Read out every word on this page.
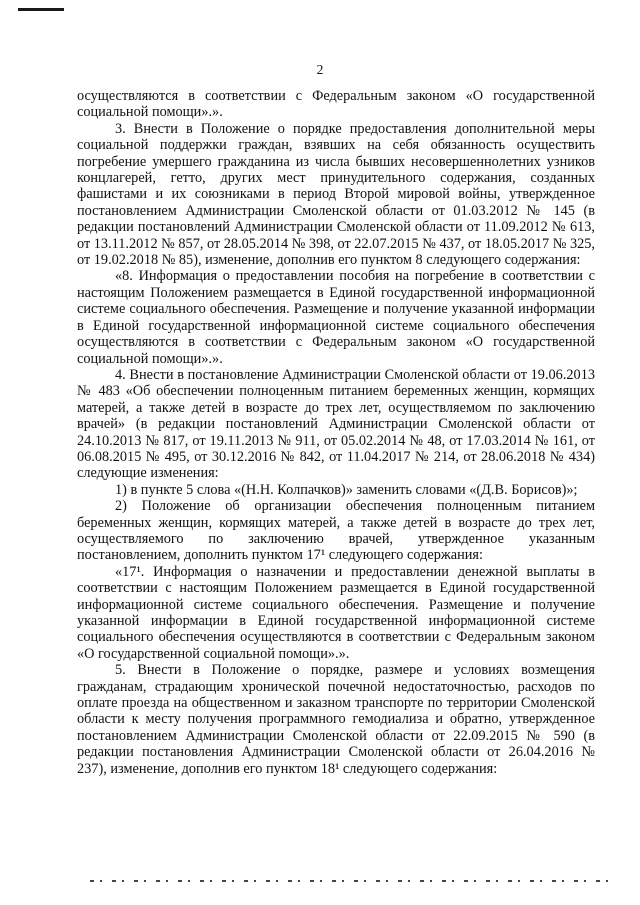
2

осуществляются в соответствии с Федеральным законом «О государственной социальной помощи».».

3. Внести в Положение о порядке предоставления дополнительной меры социальной поддержки граждан, взявших на себя обязанность осуществить погребение умершего гражданина из числа бывших несовершеннолетних узников концлагерей, гетто, других мест принудительного содержания, созданных фашистами и их союзниками в период Второй мировой войны, утвержденное постановлением Администрации Смоленской области от 01.03.2012 № 145 (в редакции постановлений Администрации Смоленской области от 11.09.2012 № 613, от 13.11.2012 № 857, от 28.05.2014 № 398, от 22.07.2015 № 437, от 18.05.2017 № 325, от 19.02.2018 № 85), изменение, дополнив его пунктом 8 следующего содержания:

«8. Информация о предоставлении пособия на погребение в соответствии с настоящим Положением размещается в Единой государственной информационной системе социального обеспечения. Размещение и получение указанной информации в Единой государственной информационной системе социального обеспечения осуществляются в соответствии с Федеральным законом «О государственной социальной помощи».».

4. Внести в постановление Администрации Смоленской области от 19.06.2013 № 483 «Об обеспечении полноценным питанием беременных женщин, кормящих матерей, а также детей в возрасте до трех лет, осуществляемом по заключению врачей» (в редакции постановлений Администрации Смоленской области от 24.10.2013 № 817, от 19.11.2013 № 911, от 05.02.2014 № 48, от 17.03.2014 № 161, от 06.08.2015 № 495, от 30.12.2016 № 842, от 11.04.2017 № 214, от 28.06.2018 № 434) следующие изменения:

1) в пункте 5 слова «(Н.Н. Колпачков)» заменить словами «(Д.В. Борисов)»;

2) Положение об организации обеспечения полноценным питанием беременных женщин, кормящих матерей, а также детей в возрасте до трех лет, осуществляемого по заключению врачей, утвержденное указанным постановлением, дополнить пунктом 17¹ следующего содержания:

«17¹. Информация о назначении и предоставлении денежной выплаты в соответствии с настоящим Положением размещается в Единой государственной информационной системе социального обеспечения. Размещение и получение указанной информации в Единой государственной информационной системе социального обеспечения осуществляются в соответствии с Федеральным законом «О государственной социальной помощи».».

5. Внести в Положение о порядке, размере и условиях возмещения гражданам, страдающим хронической почечной недостаточностью, расходов по оплате проезда на общественном и заказном транспорте по территории Смоленской области к месту получения программного гемодиализа и обратно, утвержденное постановлением Администрации Смоленской области от 22.09.2015 № 590 (в редакции постановления Администрации Смоленской области от 26.04.2016 № 237), изменение, дополнив его пунктом 18¹ следующего содержания:
